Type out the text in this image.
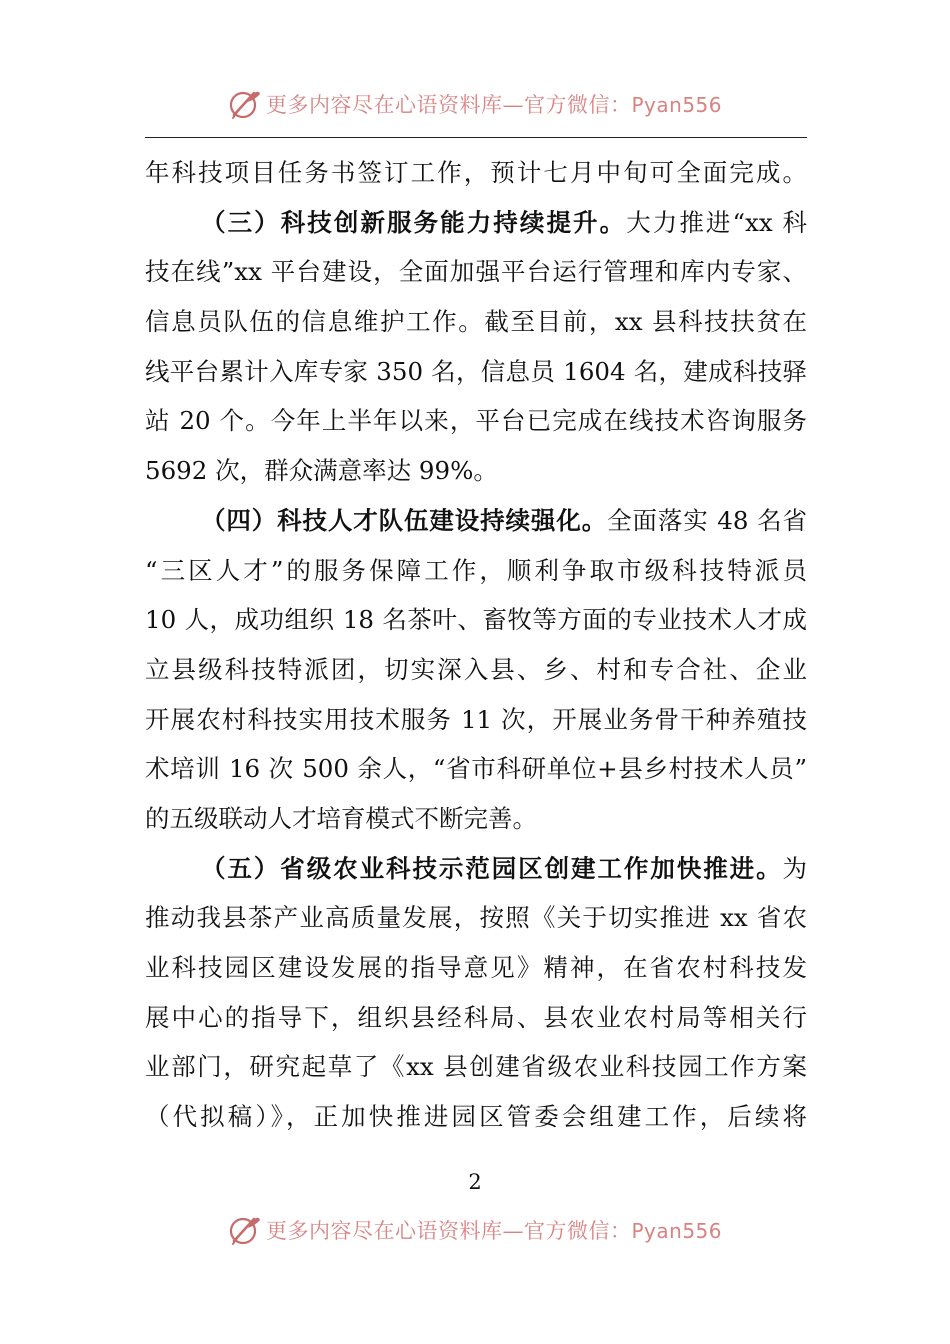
更多内容尽在心语资料库—官方微信：Pyan556
年科技项目任务书签订工作，预计七月中旬可全面完成。
（三）科技创新服务能力持续提升。大力推进“xx 科
技在线”xx 平台建设，全面加强平台运行管理和库内专家、
信息员队伍的信息维护工作。截至目前，xx 县科技扶贫在
线平台累计入库专家 350 名，信息员 1604 名，建成科技驿
站 20 个。今年上半年以来，平台已完成在线技术咨询服务
5692 次，群众满意率达 99%。
（四）科技人才队伍建设持续强化。全面落实 48 名省
“三区人才”的服务保障工作，顺利争取市级科技特派员
10 人，成功组织 18 名茶叶、畜牧等方面的专业技术人才成
立县级科技特派团，切实深入县、乡、村和专合社、企业
开展农村科技实用技术服务 11 次，开展业务骨干种养殖技
术培训 16 次 500 余人，“省市科研单位+县乡村技术人员”
的五级联动人才培育模式不断完善。
（五）省级农业科技示范园区创建工作加快推进。为
推动我县茶产业高质量发展，按照《关于切实推进 xx 省农
业科技园区建设发展的指导意见》精神，在省农村科技发
展中心的指导下，组织县经科局、县农业农村局等相关行
业部门，研究起草了《xx 县创建省级农业科技园工作方案
（代拟稿）》，正加快推进园区管委会组建工作，后续将
2
更多内容尽在心语资料库—官方微信：Pyan556
